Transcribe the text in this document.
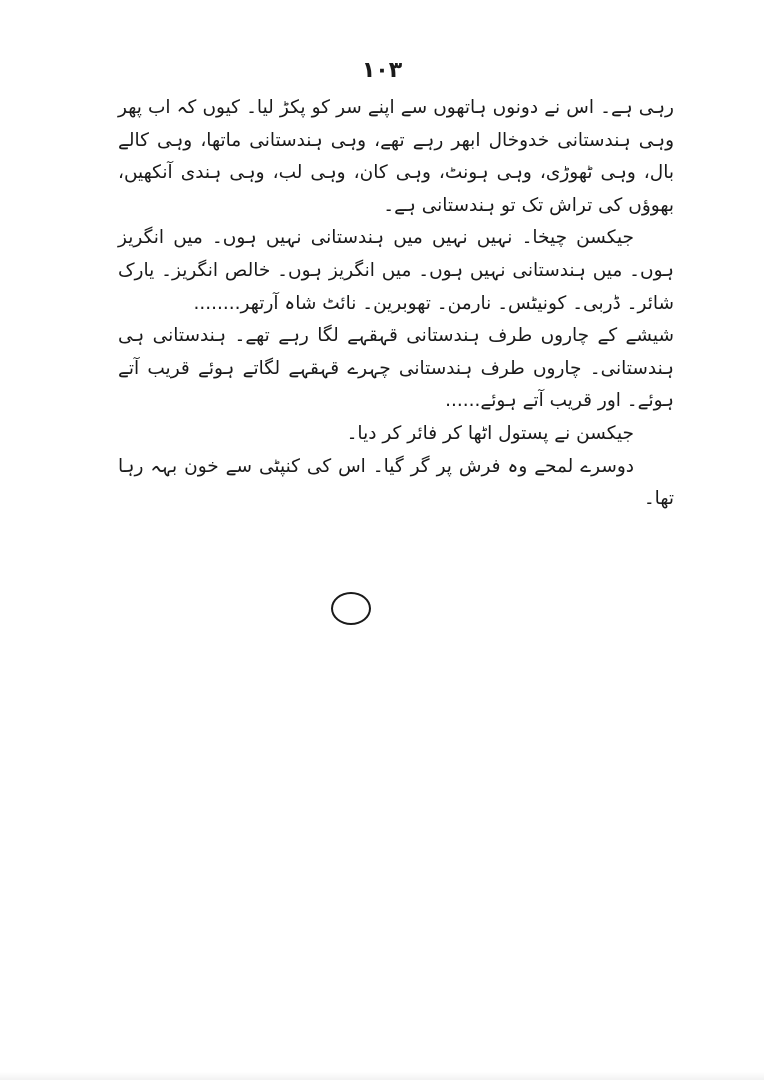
۱۰۳

رہی ہے۔ اس نے دونوں ہاتھوں سے اپنے سر کو پکڑ لیا۔ کیوں کہ اب پھر وہی ہندستانی خدوخال ابھر رہے تھے، وہی ہندستانی ماتھا، وہی کالے بال، وہی ٹھوڑی، وہی ہونٹ، وہی کان، وہی لب، وہی ہندی آنکھیں، بھوؤں کی تراش تک تو ہندستانی ہے۔

جیکسن چیخا۔ نہیں نہیں میں ہندستانی نہیں ہوں۔ میں انگریز ہوں۔ میں ہندستانی نہیں ہوں۔ میں انگریز ہوں۔ خالص انگریز۔ یارک شائر۔ ڈربی۔ کونیٹس۔ نارمن۔ تھوبرین۔ نائٹ شاہ آرتھر........

شیشے کے چاروں طرف ہندستانی قہقہے لگا رہے تھے۔ ہندستانی ہی ہندستانی۔ چاروں طرف ہندستانی چہرے قہقہے لگاتے ہوئے قریب آتے ہوئے۔ اور قریب آتے ہوئے......

جیکسن نے پستول اٹھا کر فائر کر دیا۔

دوسرے لمحے وہ فرش پر گر گیا۔ اس کی کنپٹی سے خون بہہ رہا تھا۔
